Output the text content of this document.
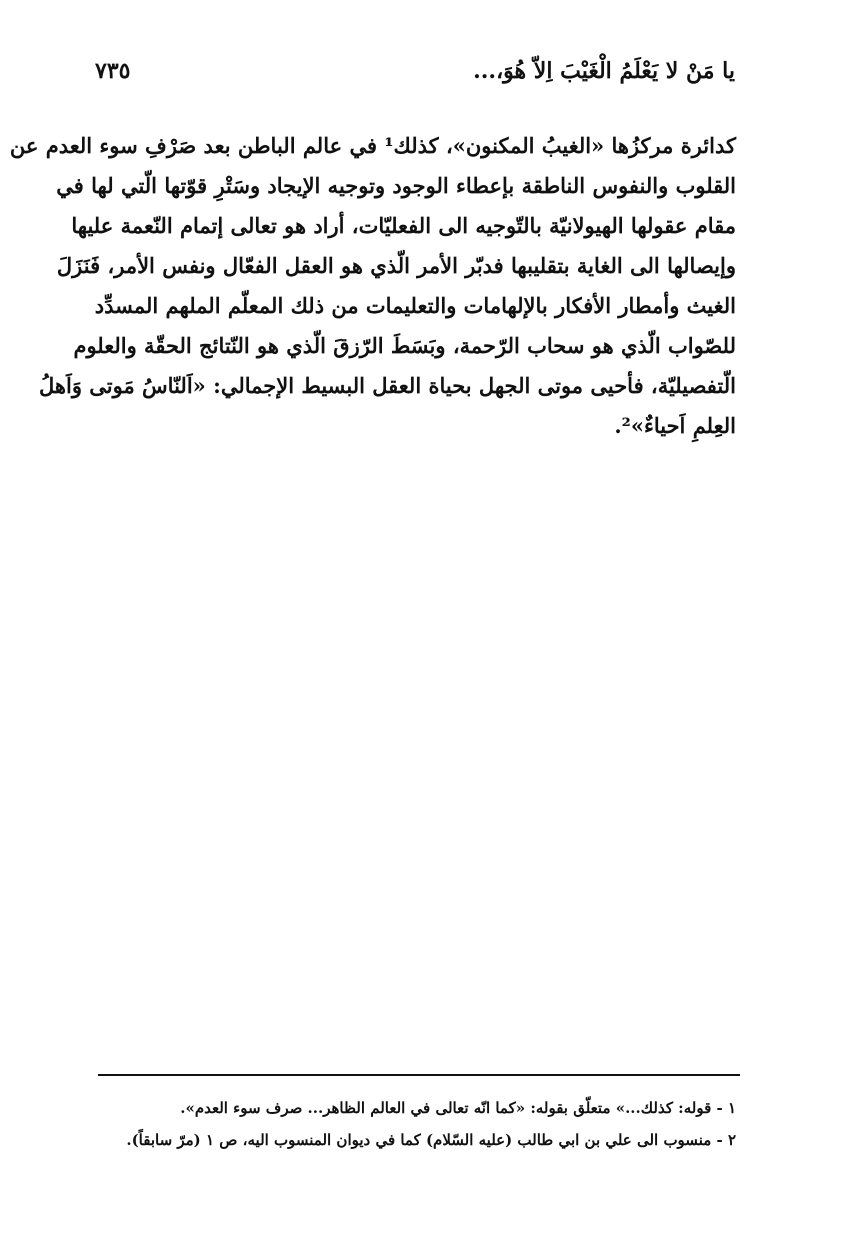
يا مَنْ لا يَعْلَمُ الْغَيْبَ اِلاّ هُوَ،...
٧٣٥
كدائرة مركزُها «الغيبُ المكنون»، كذلك¹ في عالم الباطن بعد صَرْفِ سوء العدم عن
القلوب والنفوس الناطقة بإعطاء الوجود وتوجيه الإيجاد وسَتْرِ قوّتها الّتي لها في
مقام عقولها الهيولانيّة بالتّوجيه الى الفعليّات، أراد هو تعالى إتمام النّعمة عليها
وإيصالها الى الغاية بتقليبها فدبّر الأمر الّذي هو العقل الفعّال ونفس الأمر، فَنَزَلَ
الغيث وأمطار الأفكار بالإلهامات والتعليمات من ذلك المعلّم الملهم المسدِّد
للصّواب الّذي هو سحاب الرّحمة، وبَسَطَ الرّزقَ الّذي هو النّتائج الحقّة والعلوم
الّتفصيليّة، فأحيى موتى الجهل بحياة العقل البسيط الإجمالي: «اَلنّاسُ مَوتى وَاَهلُ
العِلمِ اَحياءٌ»².
١ - قوله: كذلك...» متعلّق بقوله: «كما انّه تعالى في العالم الظاهر... صرف سوء العدم».
٢ - منسوب الى علي بن ابي طالب (عليه السّلام) كما في ديوان المنسوب اليه، ص ١ (مرّ سابقاً).
